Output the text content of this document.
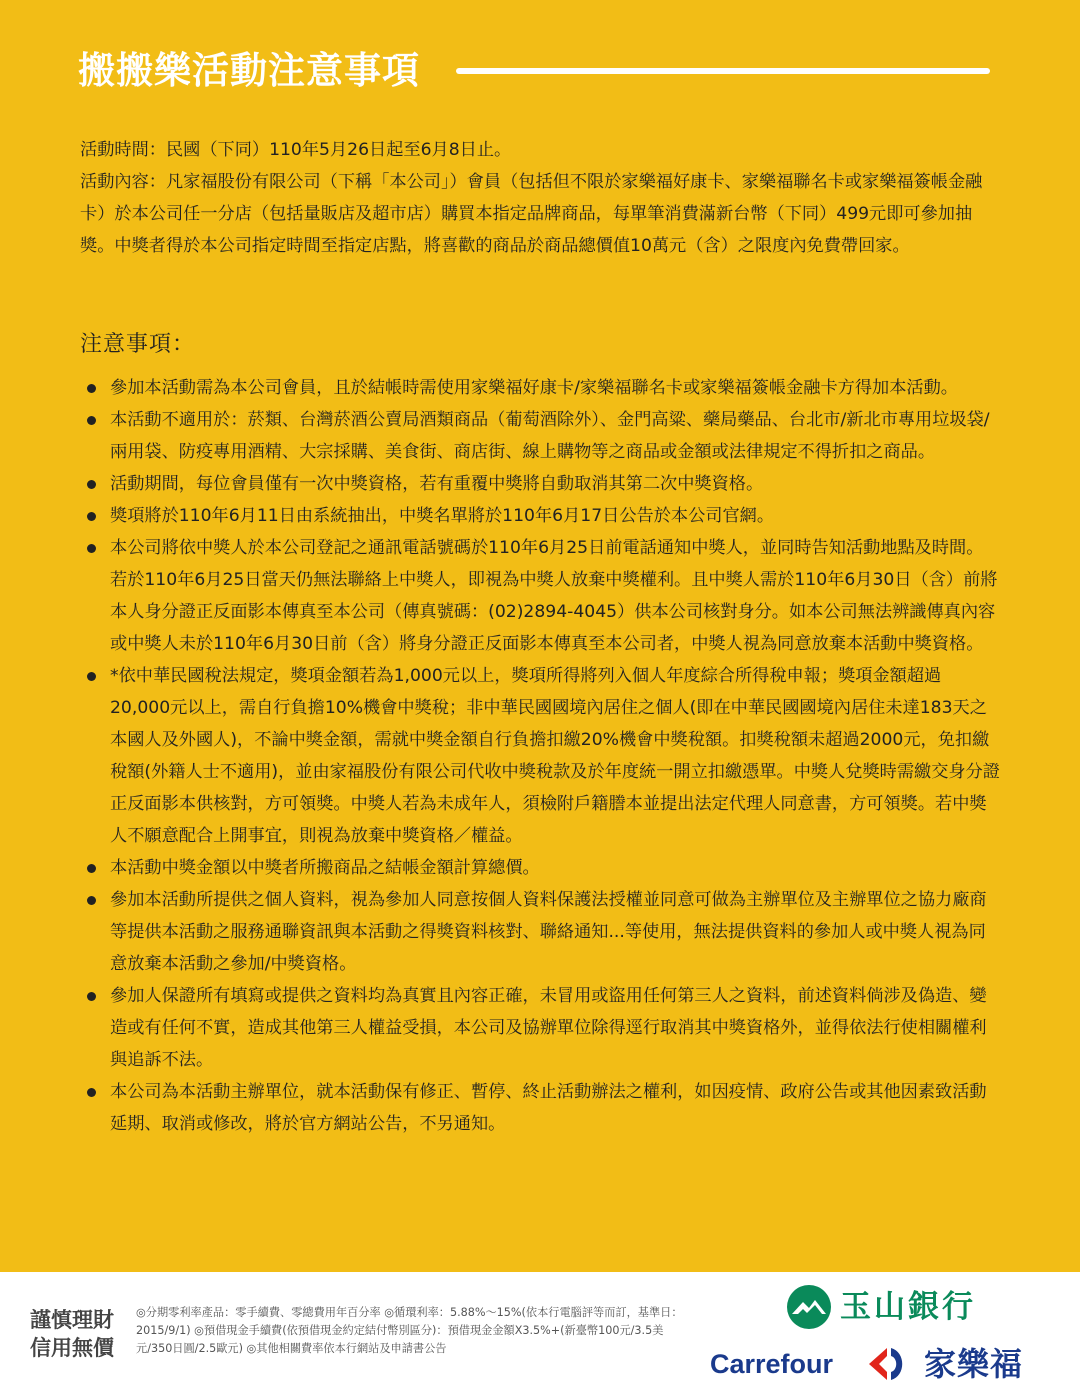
搬搬樂活動注意事項

活動時間：民國（下同）110年5月26日起至6月8日止。

活動內容：凡家福股份有限公司（下稱「本公司」）會員（包括但不限於家樂福好康卡、家樂福聯名卡或家樂福簽帳金融卡）於本公司任一分店（包括量販店及超市店）購買本指定品牌商品，每單筆消費滿新台幣（下同）499元即可參加抽獎。中獎者得於本公司指定時間至指定店點，將喜歡的商品於商品總價值10萬元（含）之限度內免費帶回家。

注意事項：
參加本活動需為本公司會員，且於結帳時需使用家樂福好康卡/家樂福聯名卡或家樂福簽帳金融卡方得加本活動。
本活動不適用於：菸類、台灣菸酒公賣局酒類商品（葡萄酒除外）、金門高粱、藥局藥品、台北市/新北市專用垃圾袋/兩用袋、防疫專用酒精、大宗採購、美食街、商店街、線上購物等之商品或金額或法律規定不得折扣之商品。
活動期間，每位會員僅有一次中獎資格，若有重覆中獎將自動取消其第二次中獎資格。
獎項將於110年6月11日由系統抽出，中獎名單將於110年6月17日公告於本公司官網。
本公司將依中獎人於本公司登記之通訊電話號碼於110年6月25日前電話通知中獎人，並同時告知活動地點及時間。若於110年6月25日當天仍無法聯絡上中獎人，即視為中獎人放棄中獎權利。且中獎人需於110年6月30日（含）前將本人身分證正反面影本傳真至本公司（傳真號碼：(02)2894-4045）供本公司核對身分。如本公司無法辨識傳真內容或中獎人未於110年6月30日前（含）將身分證正反面影本傳真至本公司者，中獎人視為同意放棄本活動中獎資格。
*依中華民國稅法規定，獎項金額若為1,000元以上，獎項所得將列入個人年度綜合所得稅申報；獎項金額超過20,000元以上，需自行負擔10%機會中獎稅；非中華民國國境內居住之個人(即在中華民國國境內居住未達183天之本國人及外國人)，不論中獎金額，需就中獎金額自行負擔扣繳20%機會中獎稅額。扣獎稅額未超過2000元，免扣繳稅額(外籍人士不適用)，並由家福股份有限公司代收中獎稅款及於年度統一開立扣繳憑單。中獎人兌獎時需繳交身分證正反面影本供核對，方可領獎。中獎人若為未成年人，須檢附戶籍謄本並提出法定代理人同意書，方可領獎。若中獎人不願意配合上開事宜，則視為放棄中獎資格／權益。
本活動中獎金額以中獎者所搬商品之結帳金額計算總價。
參加本活動所提供之個人資料，視為參加人同意按個人資料保護法授權並同意可做為主辦單位及主辦單位之協力廠商等提供本活動之服務通聯資訊與本活動之得獎資料核對、聯絡通知...等使用，無法提供資料的參加人或中獎人視為同意放棄本活動之參加/中獎資格。
參加人保證所有填寫或提供之資料均為真實且內容正確，未冒用或盜用任何第三人之資料，前述資料倘涉及偽造、變造或有任何不實，造成其他第三人權益受損，本公司及協辦單位除得逕行取消其中獎資格外，並得依法行使相關權利與追訴不法。
本公司為本活動主辦單位，就本活動保有修正、暫停、終止活動辦法之權利，如因疫情、政府公告或其他因素致活動延期、取消或修改，將於官方網站公告，不另通知。
謹慎理財
信用無價
◎分期零利率產品：零手續費、零總費用年百分率 ◎循環利率：5.88%～15%(依本行電腦評等而訂，基準日：2015/9/1) ◎預借現金手續費(依預借現金約定結付幣別區分)：預借現金金額X3.5%+(新臺幣100元/3.5美元/350日圓/2.5歐元) ◎其他相關費率依本行網站及申請書公告
玉山銀行
Carrefour	家樂福
